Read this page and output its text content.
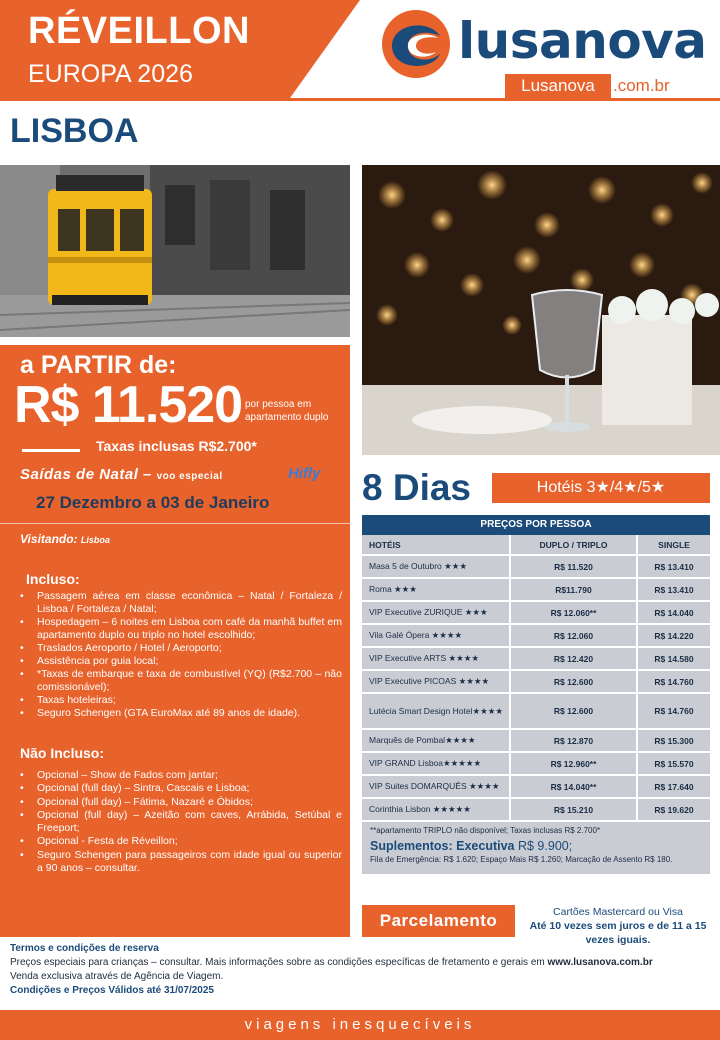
RÉVEILLON
EUROPA 2026
lusanova
Lusanova	.com.br
LISBOA
a PARTIR de:
R$ 11.520 por pessoa em apartamento duplo
Taxas inclusas R$2.700*
Saídas de Natal – voo especial	Hifly
27 Dezembro a 03 de Janeiro
Visitando: Lisboa
Incluso:
• Passagem aérea em classe econômica – Natal / Fortaleza / Lisboa / Fortaleza / Natal;
• Hospedagem – 6 noites em Lisboa com café da manhã buffet em apartamento duplo ou triplo no hotel escolhido;
• Traslados Aeroporto / Hotel / Aeroporto;
• Assistência por guia local;
• *Taxas de embarque e taxa de combustível (YQ) (R$2.700 – não comissionável);
• Taxas hoteleiras;
• Seguro Schengen (GTA EuroMax até 89 anos de idade).
Não Incluso:
• Opcional – Show de Fados com jantar;
• Opcional (full day) – Sintra, Cascais e Lisboa;
• Opcional (full day) – Fátima, Nazaré e Óbidos;
• Opcional (full day) – Azeitão com caves, Arrábida, Setúbal e Freeport;
• Opcional - Festa de Réveillon;
• Seguro Schengen para passageiros com idade igual ou superior a 90 anos – consultar.
8 Dias	Hotéis 3★/4★/5★
PREÇOS POR PESSOA
HOTÉIS	DUPLO / TRIPLO	SINGLE
Masa 5 de Outubro ★★★	R$ 11.520	R$ 13.410
Roma ★★★	R$11.790	R$ 13.410
VIP Executive ZURIQUE ★★★	R$ 12.060**	R$ 14.040
Vila Galé Ópera ★★★★	R$ 12.060	R$ 14.220
VIP Executive ARTS ★★★★	R$ 12.420	R$ 14.580
VIP Executive PICOAS ★★★★	R$ 12.600	R$ 14.760
Lutécia Smart Design Hotel★★★★	R$ 12.600	R$ 14.760
Marquês de Pombal★★★★	R$ 12.870	R$ 15.300
VIP GRAND Lisboa★★★★★	R$ 12.960**	R$ 15.570
VIP Suites DOMARQUÊS ★★★★	R$ 14.040**	R$ 17.640
Corinthia Lisbon ★★★★★	R$ 15.210	R$ 19.620
**apartamento TRIPLO não disponível; Taxas inclusas R$ 2.700*
Suplementos: Executiva R$ 9.900;
Fila de Emergência: R$ 1.620; Espaço Mais R$ 1.260; Marcação de Assento R$ 180.
Parcelamento	Cartões Mastercard ou Visa
Até 10 vezes sem juros e de 11 a 15
vezes iguais.
Termos e condições de reserva
Preços especiais para crianças – consultar. Mais informações sobre as condições específicas de fretamento e gerais em www.lusanova.com.br
Venda exclusiva através de Agência de Viagem.
Condições e Preços Válidos até 31/07/2025
viagens inesquecíveis
